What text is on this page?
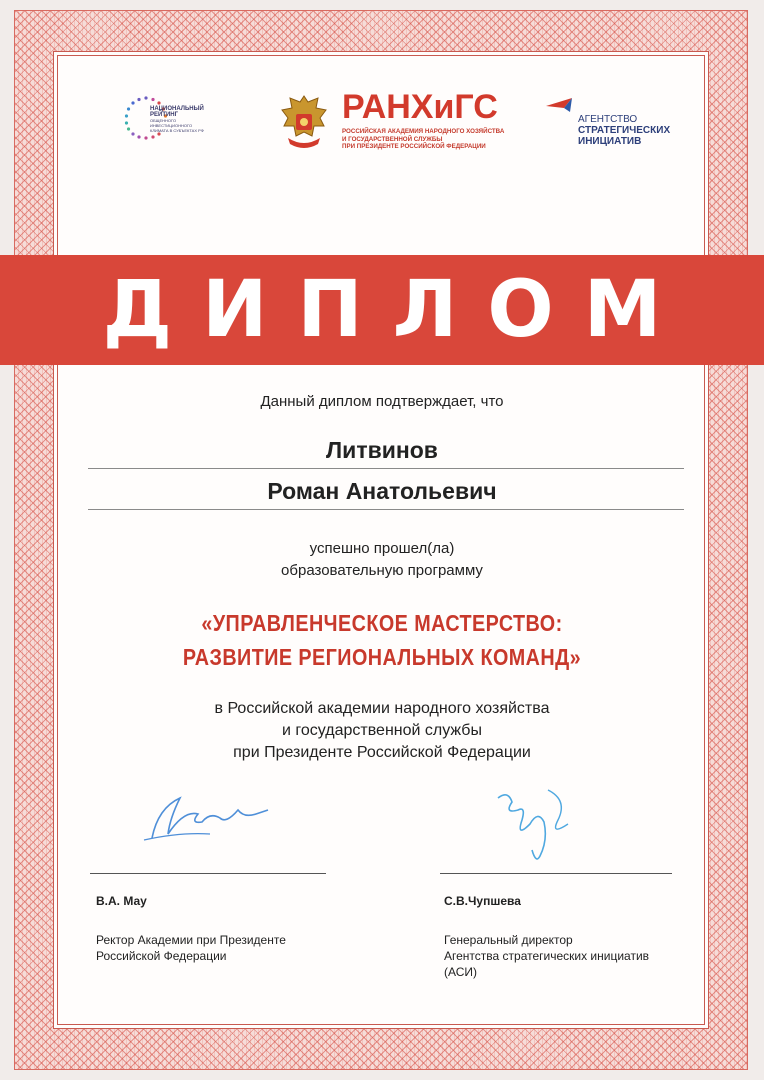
НАЦИОНАЛЬНЫЙ
РЕЙТИНГ
ОБЩЕННОГО
ИНВЕСТИЦИОННОГО
КЛИМАТА В СУБЪЕКТАХ РФ
РАНХиГС
РОССИЙСКАЯ АКАДЕМИЯ НАРОДНОГО ХОЗЯЙСТВА
И ГОСУДАРСТВЕННОЙ СЛУЖБЫ
ПРИ ПРЕЗИДЕНТЕ РОССИЙСКОЙ ФЕДЕРАЦИИ
АГЕНТСТВО
СТРАТЕГИЧЕСКИХ
ИНИЦИАТИВ
ДИПЛОМ
Данный диплом подтверждает, что
Литвинов
Роман Анатольевич
успешно прошел(ла)
образовательную программу
«УПРАВЛЕНЧЕСКОЕ МАСТЕРСТВО:
РАЗВИТИЕ РЕГИОНАЛЬНЫХ КОМАНД»
в Российской академии народного хозяйства
и государственной службы
при Президенте Российской Федерации
В.А. Мау
Ректор Академии при Президенте
Российской Федерации
С.В.Чупшева
Генеральный директор
Агентства стратегических инициатив
(АСИ)
